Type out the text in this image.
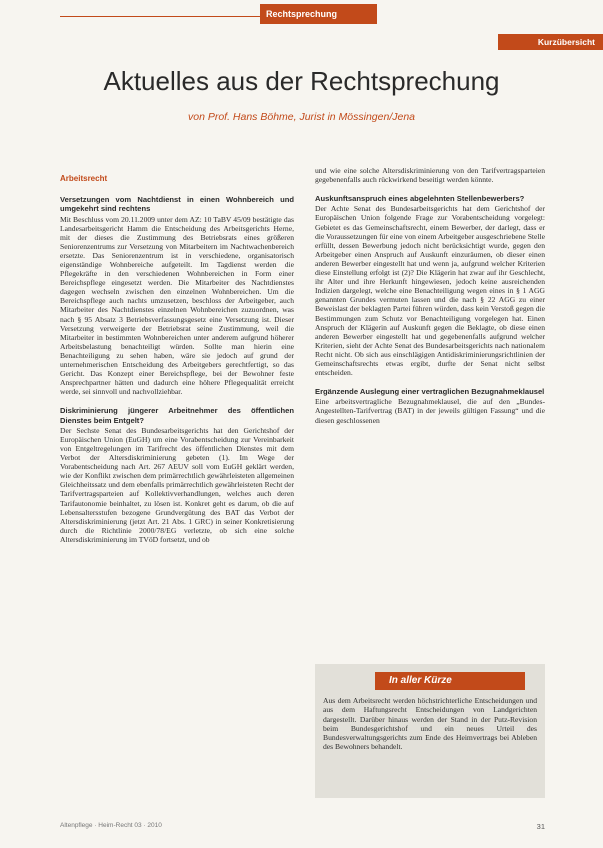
Rechtsprechung
Kurzübersicht
Aktuelles aus der Rechtsprechung
von Prof. Hans Böhme, Jurist in Mössingen/Jena
Arbeitsrecht
Versetzungen vom Nachtdienst in einen Wohnbereich und umgekehrt sind rechtens
Mit Beschluss vom 20.11.2009 unter dem AZ: 10 TaBV 45/09 bestätigte das Landesarbeitsgericht Hamm die Entscheidung des Arbeitsgerichts Herne, mit der dieses die Zustimmung des Betriebsrats eines größeren Seniorenzentrums zur Versetzung von Mitarbeitern im Nachtwachenbereich ersetzte. Das Seniorenzentrum ist in verschiedene, organisatorisch eigenständige Wohnbereiche aufgeteilt. Im Tagdienst werden die Pflegekräfte in den verschiedenen Wohnbereichen in Form einer Bereichspflege eingesetzt werden. Die Mitarbeiter des Nachtdienstes dagegen wechseln zwischen den einzelnen Wohnbereichen. Um die Bereichspflege auch nachts umzusetzen, beschloss der Arbeitgeber, auch Mitarbeiter des Nachtdienstes einzelnen Wohnbereichen zuzuordnen, was nach § 95 Absatz 3 Betriebsverfassungsgesetz eine Versetzung ist. Dieser Versetzung verweigerte der Betriebsrat seine Zustimmung, weil die Mitarbeiter in bestimmten Wohnbereichen unter anderem aufgrund höherer Arbeitsbelastung benachteiligt würden. Sollte man hierin eine Benachteiligung zu sehen haben, wäre sie jedoch auf grund der unternehmerischen Entscheidung des Arbeitgebers gerechtfertigt, so das Gericht. Das Konzept einer Bereichspflege, bei der Bewohner feste Ansprechpartner hätten und dadurch eine höhere Pflegequalität erreicht werde, sei sinnvoll und nachvollziehbar.
Diskriminierung jüngerer Arbeitnehmer des öffentlichen Dienstes beim Entgelt?
Der Sechste Senat des Bundesarbeitsgerichts hat den Gerichtshof der Europäischen Union (EuGH) um eine Vorabentscheidung zur Vereinbarkeit von Entgeltregelungen im Tarifrecht des öffentlichen Dienstes mit dem Verbot der Altersdiskriminierung gebeten (1). Im Wege der Vorabentscheidung nach Art. 267 AEUV soll vom EuGH geklärt werden, wie der Konflikt zwischen dem primärrechtlich gewährleisteten allgemeinen Gleichheitssatz und dem ebenfalls primärrechtlich gewährleisteten Recht der Tarifvertragsparteien auf Kollektivverhandlungen, welches auch deren Tarifautonomie beinhaltet, zu lösen ist. Konkret geht es darum, ob die auf Lebensaltersstufen bezogene Grundvergütung des BAT das Verbot der Altersdiskriminierung (jetzt Art. 21 Abs. 1 GRC) in seiner Konkretisierung durch die Richtlinie 2000/78/EG verletzte, ob sich eine solche Altersdiskriminierung im TVöD fortsetzt, und ob
und wie eine solche Altersdiskriminierung von den Tarifvertragsparteien gegebenenfalls auch rückwirkend beseitigt werden könnte.
Auskunftsanspruch eines abgelehnten Stellenbewerbers?
Der Achte Senat des Bundesarbeitsgerichts hat dem Gerichtshof der Europäischen Union folgende Frage zur Vorabentscheidung vorgelegt: Gebietet es das Gemeinschaftsrecht, einem Bewerber, der darlegt, dass er die Voraussetzungen für eine von einem Arbeitgeber ausgeschriebene Stelle erfüllt, dessen Bewerbung jedoch nicht berücksichtigt wurde, gegen den Arbeitgeber einen Anspruch auf Auskunft einzuräumen, ob dieser einen anderen Bewerber eingestellt hat und wenn ja, aufgrund welcher Kriterien diese Einstellung erfolgt ist (2)? Die Klägerin hat zwar auf ihr Geschlecht, ihr Alter und ihre Herkunft hingewiesen, jedoch keine ausreichenden Indizien dargelegt, welche eine Benachteiligung wegen eines in § 1 AGG genannten Grundes vermuten lassen und die nach § 22 AGG zu einer Beweislast der beklagten Partei führen würden, dass kein Verstoß gegen die Bestimmungen zum Schutz vor Benachteiligung vorgelegen hat. Einen Anspruch der Klägerin auf Auskunft gegen die Beklagte, ob diese einen anderen Bewerber eingestellt hat und gegebenenfalls aufgrund welcher Kriterien, sieht der Achte Senat des Bundesarbeitsgerichts nach nationalem Recht nicht. Ob sich aus einschlägigen Antidiskriminierungsrichtlinien der Gemeinschaftsrechts etwas ergibt, durfte der Senat nicht selbst entscheiden.
Ergänzende Auslegung einer vertraglichen Bezugnahmeklausel
Eine arbeitsvertragliche Bezugnahmeklausel, die auf den „Bundes-Angestellten-Tarifvertrag (BAT) in der jeweils gültigen Fassung“ und die diesen geschlossenen
In aller Kürze
Aus dem Arbeitsrecht werden höchstrichterliche Entscheidungen und aus dem Haftungsrecht Entscheidungen von Landgerichten dargestellt. Darüber hinaus werden der Stand in der Putz-Revision beim Bundesgerichtshof und ein neues Urteil des Bundesverwaltungsgerichts zum Ende des Heimvertrags bei Ableben des Bewohners behandelt.
Altenpflege · Heim-Recht 03 · 2010	31
